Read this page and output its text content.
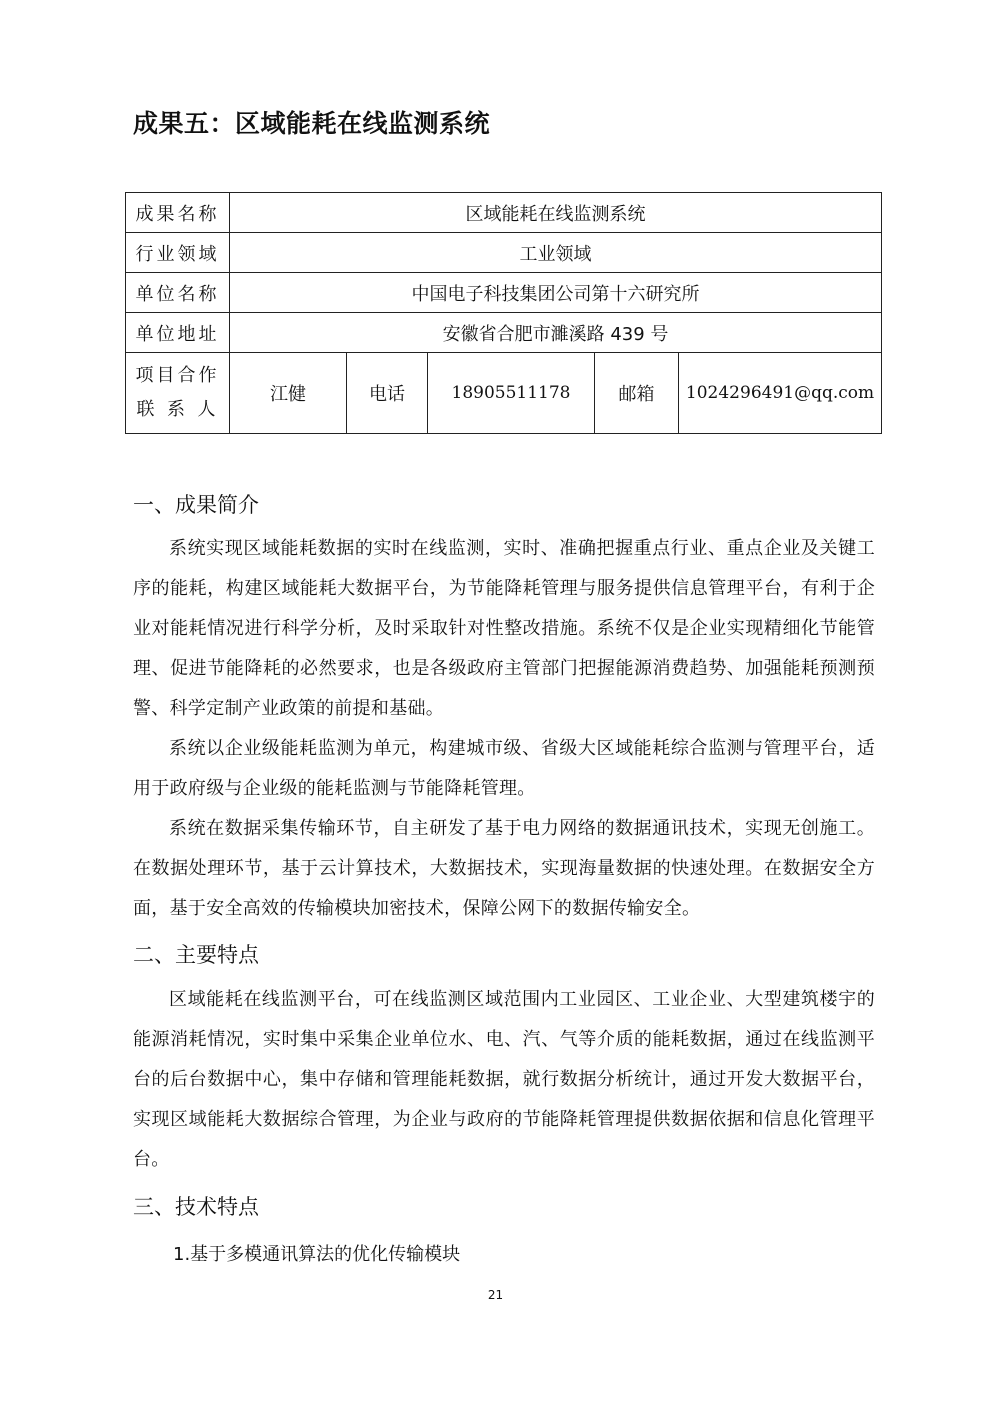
成果五：区域能耗在线监测系统
成果名称	区域能耗在线监测系统				
行业领域	工业领域				
单位名称	中国电子科技集团公司第十六研究所				
单位地址	安徽省合肥市濉溪路 439 号				

项目合作
联 系 人	江健	电话	18905511178	邮箱	1024296491@qq.com
一、成果简介

系统实现区域能耗数据的实时在线监测，实时、准确把握重点行业、重点企业及关键工序的能耗，构建区域能耗大数据平台，为节能降耗管理与服务提供信息管理平台，有利于企业对能耗情况进行科学分析，及时采取针对性整改措施。系统不仅是企业实现精细化节能管理、促进节能降耗的必然要求，也是各级政府主管部门把握能源消费趋势、加强能耗预测预警、科学定制产业政策的前提和基础。

系统以企业级能耗监测为单元，构建城市级、省级大区域能耗综合监测与管理平台，适用于政府级与企业级的能耗监测与节能降耗管理。

系统在数据采集传输环节，自主研发了基于电力网络的数据通讯技术，实现无创施工。在数据处理环节，基于云计算技术，大数据技术，实现海量数据的快速处理。在数据安全方面，基于安全高效的传输模块加密技术，保障公网下的数据传输安全。

二、主要特点

区域能耗在线监测平台，可在线监测区域范围内工业园区、工业企业、大型建筑楼宇的能源消耗情况，实时集中采集企业单位水、电、汽、气等介质的能耗数据，通过在线监测平台的后台数据中心，集中存储和管理能耗数据，就行数据分析统计，通过开发大数据平台，实现区域能耗大数据综合管理，为企业与政府的节能降耗管理提供数据依据和信息化管理平台。

三、技术特点
1.基于多模通讯算法的优化传输模块
21
